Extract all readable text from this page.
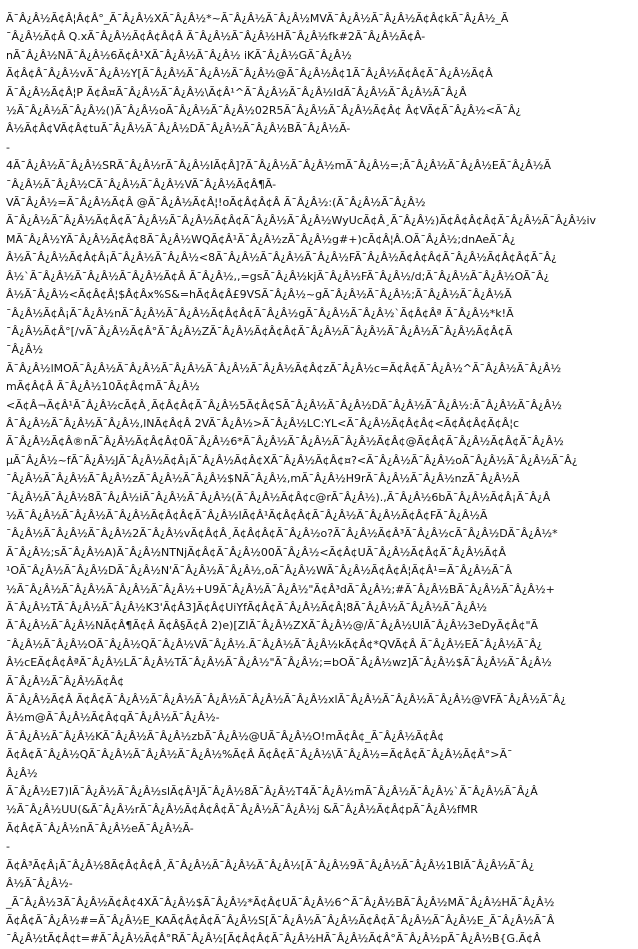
Ã¯Â¿Â½Ã¢Â¦Â¢Â°_Ã¯Â¿Â½XÃ¯Â¿Â½*~Ã¯Â¿Â½Ã¯Â¿Â½MVÃ¯Â¿Â½Ã¯Â¿Â½Ã¢Â¢kÃ¯Â¿Â½_Ã
¯Â¿Â½Ã¢Â Q.xÃ¯Â¿Â½Ã¢Â¢Â¢Â Ã¯Â¿Â½Ã¯Â¿Â½HÃ¯Â¿Â½fk#2Ã¯Â¿Â½Ã¢Â-
nÃ¯Â¿Â½NÃ¯Â¿Â½6Ã¢Â¹XÃ¯Â¿Â½Ã¯Â¿Â½ iKÃ¯Â¿Â½GÃ¯Â¿Â½
Ã¢Â¢Â¯Â¿Â½vÃ¯Â¿Â½Y[Ã¯Â¿Â½Ã¯Â¿Â½Ã¯Â¿Â½@Ã¯Â¿Â½Â¢1Ã¯Â¿Â½Ã¢Â¢Ã¯Â¿Â½Ã¢Â
Ã¯Â¿Â½Ã¢Â¦P Ã¢Â¤Ã¯Â¿Â½Ã¯Â¿Â½\Ã¢Â¹^Ã¯Â¿Â½Ã¯Â¿Â½IdÃ¯Â¿Â½Ã¯Â¿Â½Ã¯Â¿Â
½Ã¯Â¿Â½Ã¯Â¿Â½()Ã¯Â¿Â½oÃ¯Â¿Â½Ã¯Â¿Â½02R5Ã¯Â¿Â½Ã¯Â¿Â½Ã¢Â¢ Â¢VÃ¢Ã¯Â¿Â½<Ã¯Â¿
Â½Ã¢Â¢VÃ¢Â¢tuÃ¯Â¿Â½Ã¯Â¿Â½DÃ¯Â¿Â½Ã¯Â¿Â½BÃ¯Â¿Â½Ã-
-
4Ã¯Â¿Â½Ã¯Â¿Â½SRÃ¯Â¿Â½rÃ¯Â¿Â½IÃ¢Â]?Ã¯Â¿Â½Ã¯Â¿Â½mÃ¯Â¿Â½=;Ã¯Â¿Â½Ã¯Â¿Â½EÃ¯Â¿Â½Ã
¯Â¿Â½Ã¯Â¿Â½CÃ¯Â¿Â½Ã¯Â¿Â½VÃ¯Â¿Â½Ã¢Â¶Ã-
VÃ¯Â¿Â½=Ã¯Â¿Â½Ã¢Â @Ã¯Â¿Â½Ã¢Â¦!oÃ¢Â¢Â¢Â Ã¯Â¿Â½:(Ã¯Â¿Â½Ã¯Â¿Â½
Ã¯Â¿Â½Ã¯Â¿Â½Ã¢Â¢Ã¯Â¿Â½Ã¯Â¿Â½Ã¢Â¢Ã¯Â¿Â½Ã¯Â¿Â½WyUcÃ¢Â¸Ã¯Â¿Â½)Ã¢Â¢Â¢Â¢Ã¯Â¿Â½Ã¯Â¿Â½iv
MÃ¯Â¿Â½YÃ¯Â¿Â½Ã¢Â¢8Ã¯Â¿Â½WQÃ¢Â¹Ã¯Â¿Â½zÃ¯Â¿Â½g#+)cÃ¢Â¦Â.OÃ¯Â¿Â½;dnAeÃ¯Â¿
Â½Ã¯Â¿Â½Ã¢Â¢Â¡Ã¯Â¿Â½Ã¯Â¿Â½<8Ã¯Â¿Â½Ã¯Â¿Â½Ã¯Â¿Â½FÃ¯Â¿Â½Ã¢Â¢Â¢Ã¯Â¿Â½Ã¢Â¢Â¢Ã¯Â¿
Â½`Ã¯Â¿Â½Ã¯Â¿Â½Ã¯Â¿Â½Ã¢Â Ã¯Â¿Â½,,=gsÃ¯Â¿Â½kjÃ¯Â¿Â½FÃ¯Â¿Â½/d;Ã¯Â¿Â½Ã¯Â¿Â½OÃ¯Â¿
Â½Ã¯Â¿Â½<Ã¢Â¢Â¦$Â¢Âx%S&=hÃ¢Â¢Â£9VSÃ¯Â¿Â½~gÃ¯Â¿Â½Ã¯Â¿Â½;Ã¯Â¿Â½Ã¯Â¿Â½Ã
¯Â¿Â½Ã¢Â¡Ã¯Â¿Â½nÃ¯Â¿Â½Ã¯Â¿Â½Ã¢Â¢Â¢Ã¯Â¿Â½gÃ¯Â¿Â½Ã¯Â¿Â½`Ã¢Â¢Âª Ã¯Â¿Â½*k!Ã
¯Â¿Â½Ã¢Â°[/vÃ¯Â¿Â½Ã¢Â°Ã¯Â¿Â½ZÃ¯Â¿Â½Ã¢Â¢Â¢Ã¯Â¿Â½Ã¯Â¿Â½Ã¯Â¿Â½Ã¯Â¿Â½Ã¢Â¢Ã
¯Â¿Â½
Ã¯Â¿Â½lMOÃ¯Â¿Â½Ã¯Â¿Â½Ã¯Â¿Â½Ã¯Â¿Â½Ã¯Â¿Â½Ã¢Â¢zÃ¯Â¿Â½c=Ã¢Â¢Ã¯Â¿Â½^Ã¯Â¿Â½Ã¯Â¿Â½
mÃ¢Â¢Â Ã¯Â¿Â½10Ã¢Â¢mÃ¯Â¿Â½
<Ã¢Â¬Ã¢Â¹Ã¯Â¿Â½cÃ¢Â¸Ã¢Â¢Â¢Ã¯Â¿Â½5Ã¢Â¢SÃ¯Â¿Â½Ã¯Â¿Â½DÃ¯Â¿Â½Ã¯Â¿Â½:Ã¯Â¿Â½Ã¯Â¿Â½
Â¯Â¿Â½Ã¯Â¿Â½Ã¯Â¿Â½,lNÃ¢Â¢Â 2VÃ¯Â¿Â½>Ã¯Â¿Â½LC:YL<Ã¯Â¿Â½Ã¢Â¢Â¢<Ã¢Â¢Â¢Ã¢Â¦c
Ã¯Â¿Â½Ã¢Â®nÃ¯Â¿Â½Ã¢Â¢Â¢0Ã¯Â¿Â½6*Ã¯Â¿Â½Ã¯Â¿Â½Ã¯Â¿Â½Ã¢Â¢@Ã¢Â¢Ã¯Â¿Â½Ã¢Â¢Ã¯Â¿Â½
µÃ¯Â¿Â½~fÃ¯Â¿Â½JÃ¯Â¿Â½Ã¢Â¡Ã¯Â¿Â½Ã¢Â¢XÃ¯Â¿Â½Ã¢Â¢¤?<Ã¯Â¿Â½Ã¯Â¿Â½oÃ¯Â¿Â½Ã¯Â¿Â½Ã¯Â¿
¯Â¿Â½Ã¯Â¿Â½Ã¯Â¿Â½zÃ¯Â¿Â½Ã¯Â¿Â½$NÃ¯Â¿Â½,mÃ¯Â¿Â½H9rÃ¯Â¿Â½Ã¯Â¿Â½nzÃ¯Â¿Â½Ã
¯Â¿Â½Ã¯Â¿Â½8Ã¯Â¿Â½iÃ¯Â¿Â½Ã¯Â¿Â½(Ã¯Â¿Â½Ã¢Â¢c@rÃ¯Â¿Â½).,Ã¯Â¿Â½6bÃ¯Â¿Â½Ã¢Â¡Ã¯Â¿Â
½Ã¯Â¿Â½Ã¯Â¿Â½Ã¯Â¿Â½Ã¢Â¢Â¢Ã¯Â¿Â½IÃ¢Â¹Ã¢Â¢Â¢Ã¯Â¿Â½Ã¯Â¿Â½Ã¢Â¢FÃ¯Â¿Â½Ã
¯Â¿Â½Ã¯Â¿Â½Ã¯Â¿Â½2Ã¯Â¿Â½vÃ¢Â¢Â¸Ã¢Â¢Â¢Ã¯Â¿Â½o?Ã¯Â¿Â½Ã¢Â³Ã¯Â¿Â½cÃ¯Â¿Â½DÃ¯Â¿Â½*
Ã¯Â¿Â½;sÃ¯Â¿Â½A)Ã¯Â¿Â½NTNjÃ¢Â¢Ã¯Â¿Â½00Ã¯Â¿Â½<Ã¢Â¢UÃ¯Â¿Â½Ã¢Â¢Ã¯Â¿Â½Ã¢Â
¹OÃ¯Â¿Â½Ã¯Â¿Â½DÃ¯Â¿Â½N'Ã¯Â¿Â½Ã¯Â¿Â½,oÃ¯Â¿Â½WÃ¯Â¿Â½Ã¢Â¢Â¦Ã¢Â¹=Ã¯Â¿Â½Ã¯Â
½Ã¯Â¿Â½Ã¯Â¿Â½Ã¯Â¿Â½Ã¯Â¿Â½+U9Ã¯Â¿Â½Ã¯Â¿Â½"Ã¢Â³dÃ¯Â¿Â½;#Ã¯Â¿Â½BÃ¯Â¿Â½Ã¯Â¿Â½+
Ã¯Â¿Â½TÃ¯Â¿Â½Ã¯Â¿Â½K3'Ã¢Â3]Ã¢Â¢UiYfÃ¢Â¢Ã¯Â¿Â½Ã¢Â¦8Ã¯Â¿Â½Ã¯Â¿Â½Ã¯Â¿Â½
Ã¯Â¿Â½Ã¯Â¿Â½NÃ¢Â¶Ã¢Â Ã¢Â§Ã¢Â 2)e)[ZIÃ¯Â¿Â½ZXÃ¯Â¿Â½@/Ã¯Â¿Â½UlÃ¯Â¿Â½3eDyÃ¢Â¢"Ã
¯Â¿Â½Ã¯Â¿Â½OÃ¯Â¿Â½QÃ¯Â¿Â½VÃ¯Â¿Â½.Ã¯Â¿Â½Ã¯Â¿Â½kÃ¢Â¢*QVÃ¢Â Ã¯Â¿Â½EÃ¯Â¿Â½Ã¯Â¿
Â½cEÃ¢Â¢ÂªÃ¯Â¿Â½LÃ¯Â¿Â½TÃ¯Â¿Â½Ã¯Â¿Â½"Ã¯Â¿Â½;=bOÃ¯Â¿Â½wz]Ã¯Â¿Â½$Ã¯Â¿Â½Ã¯Â¿Â½
Ã¯Â¿Â½Ã¯Â¿Â½Ã¢Â¢
Ã¯Â¿Â½Ã¢Â Ã¢Â¢Ã¯Â¿Â½Ã¯Â¿Â½Ã¯Â¿Â½Ã¯Â¿Â½Ã¯Â¿Â½xlÃ¯Â¿Â½Ã¯Â¿Â½Ã¯Â¿Â½@VFÃ¯Â¿Â½Ã¯Â¿
Â½m@Ã¯Â¿Â½Ã¢Â¢qÃ¯Â¿Â½Ã¯Â¿Â½-
Ã¯Â¿Â½Ã¯Â¿Â½KÃ¯Â¿Â½Ã¯Â¿Â½zbÃ¯Â¿Â½@UÃ¯Â¿Â½O!mÃ¢Â¢_Ã¯Â¿Â½Ã¢Â¢
Ã¢Â¢Ã¯Â¿Â½QÃ¯Â¿Â½Ã¯Â¿Â½Ã¯Â¿Â½%Ã¢Â Ã¢Â¢Ã¯Â¿Â½\Ã¯Â¿Â½=Ã¢Â¢Ã¯Â¿Â½Ã¢Â°>Ã¯
Â¿Â½
Ã¯Â¿Â½E7)IÃ¯Â¿Â½Ã¯Â¿Â½slÃ¢Â¹JÃ¯Â¿Â½8Ã¯Â¿Â½T4Ã¯Â¿Â½mÃ¯Â¿Â½Ã¯Â¿Â½`Ã¯Â¿Â½Ã¯Â¿Â
½Ã¯Â¿Â½UU(&Ã¯Â¿Â½rÃ¯Â¿Â½Ã¢Â¢Â¢Ã¯Â¿Â½Ã¯Â¿Â½j &Ã¯Â¿Â½Ã¢Â¢pÃ¯Â¿Â½fMR
Ã¢Â¢Ã¯Â¿Â½nÃ¯Â¿Â½eÃ¯Â¿Â½Ã-
-
Ã¢Â³Ã¢Â¡Ã¯Â¿Â½8Ã¢Â¢Â¢Â¸Ã¯Â¿Â½Ã¯Â¿Â½Ã¯Â¿Â½[Ã¯Â¿Â½9Ã¯Â¿Â½Ã¯Â¿Â½1BlÃ¯Â¿Â½Ã¯Â¿
Â½Ã¯Â¿Â½-
_Ã¯Â¿Â½3Ã¯Â¿Â½Ã¢Â¢4XÃ¯Â¿Â½$Ã¯Â¿Â½*Ã¢Â¢UÃ¯Â¿Â½6^Ã¯Â¿Â½BÃ¯Â¿Â½MÃ¯Â¿Â½HÃ¯Â¿Â½
Ã¢Â¢Ã¯Â¿Â½#=Ã¯Â¿Â½E_KAÃ¢Â¢Â¢Ã¯Â¿Â½S[Ã¯Â¿Â½Ã¯Â¿Â½Ã¢Â¢Ã¯Â¿Â½Ã¯Â¿Â½E_Ã¯Â¿Â½Ã¯Â
¯Â¿Â½tÃ¢Â¢t=#Ã¯Â¿Â½Ã¢Â°RÃ¯Â¿Â½[Ã¢Â¢Â¢Ã¯Â¿Â½HÃ¯Â¿Â½Ã¢Â°Ã¯Â¿Â½pÃ¯Â¿Â½B{G.Ã¢Â
